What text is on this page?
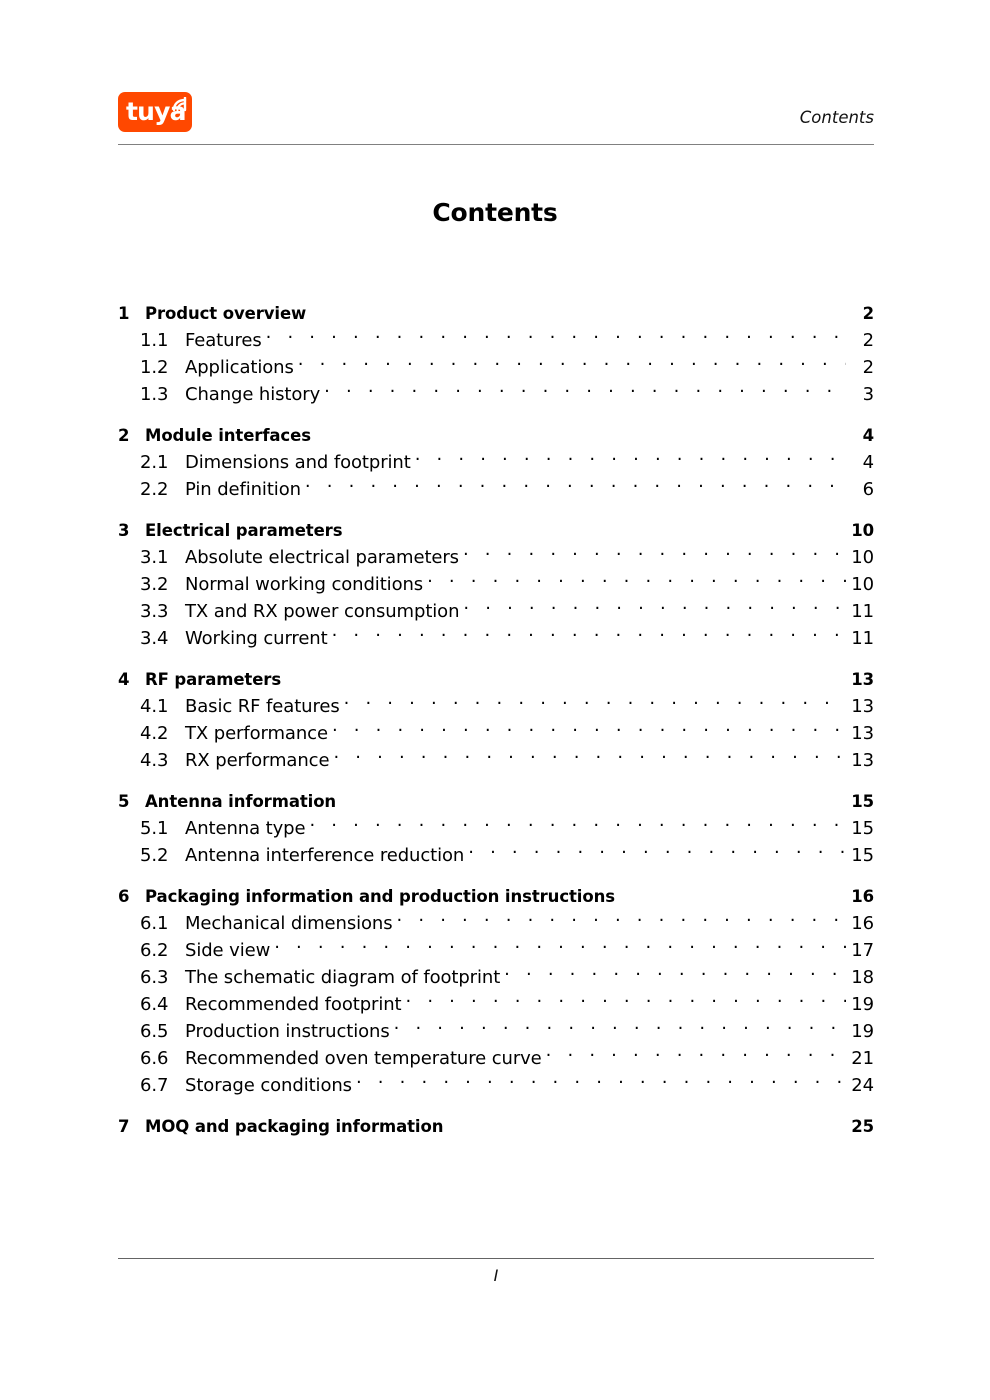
tuya	Contents
Contents
1 Product overview	2
1.1 Features . . .	2
1.2 Applications . . .	2
1.3 Change history . . .	3
2 Module interfaces	4
2.1 Dimensions and footprint . . .	4
2.2 Pin definition . . .	6
3 Electrical parameters	10
3.1 Absolute electrical parameters . . .	10
3.2 Normal working conditions . . .	10
3.3 TX and RX power consumption . . .	11
3.4 Working current . . .	11
4 RF parameters	13
4.1 Basic RF features . . .	13
4.2 TX performance . . .	13
4.3 RX performance . . .	13
5 Antenna information	15
5.1 Antenna type . . .	15
5.2 Antenna interference reduction . . .	15
6 Packaging information and production instructions	16
6.1 Mechanical dimensions . . .	16
6.2 Side view . . .	17
6.3 The schematic diagram of footprint . . .	18
6.4 Recommended footprint . . .	19
6.5 Production instructions . . .	19
6.6 Recommended oven temperature curve . . .	21
6.7 Storage conditions . . .	24
7 MOQ and packaging information	25
I
